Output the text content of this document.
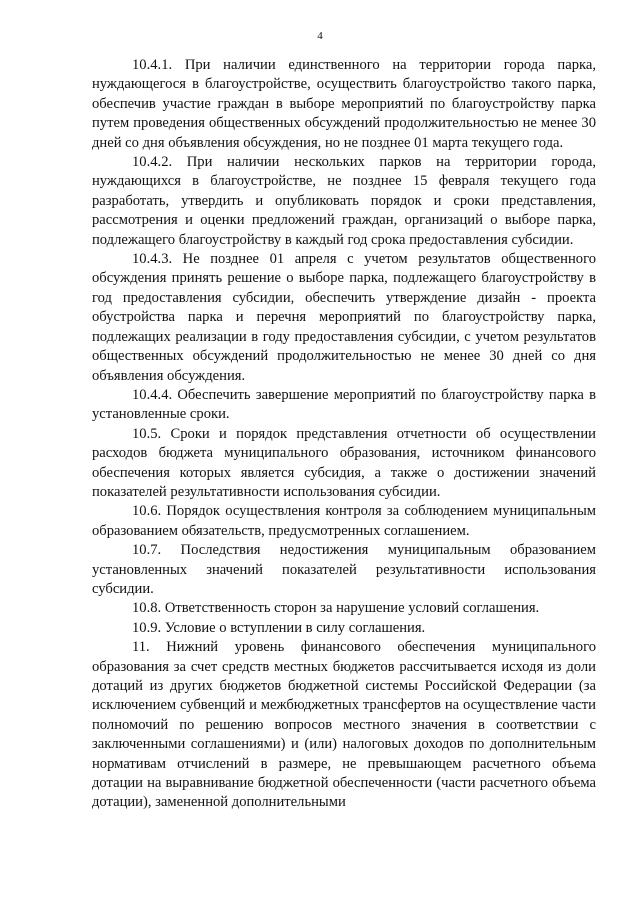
4

10.4.1. При наличии единственного на территории города парка, нуждающегося в благоустройстве, осуществить благоустройство такого парка, обеспечив участие граждан в выборе мероприятий по благоустройству парка путем проведения общественных обсуждений продолжительностью не менее 30 дней со дня объявления обсуждения, но не позднее 01 марта текущего года.

10.4.2. При наличии нескольких парков на территории города, нуждающихся в благоустройстве, не позднее 15 февраля текущего года разработать, утвердить и опубликовать порядок и сроки представления, рассмотрения и оценки предложений граждан, организаций о выборе парка, подлежащего благоустройству в каждый год срока предоставления субсидии.

10.4.3. Не позднее 01 апреля с учетом результатов общественного обсуждения принять решение о выборе парка, подлежащего благоустройству в год предоставления субсидии, обеспечить утверждение дизайн - проекта обустройства парка и перечня мероприятий по благоустройству парка, подлежащих реализации в году предоставления субсидии, с учетом результатов общественных обсуждений продолжительностью не менее 30 дней со дня объявления обсуждения.

10.4.4. Обеспечить завершение мероприятий по благоустройству парка в установленные сроки.

10.5. Сроки и порядок представления отчетности об осуществлении расходов бюджета муниципального образования, источником финансового обеспечения которых является субсидия, а также о достижении значений показателей результативности использования субсидии.

10.6. Порядок осуществления контроля за соблюдением муниципальным образованием обязательств, предусмотренных соглашением.

10.7. Последствия недостижения муниципальным образованием установленных значений показателей результативности использования субсидии.

10.8. Ответственность сторон за нарушение условий соглашения.

10.9. Условие о вступлении в силу соглашения.

11. Нижний уровень финансового обеспечения муниципального образования за счет средств местных бюджетов рассчитывается исходя из доли дотаций из других бюджетов бюджетной системы Российской Федерации (за исключением субвенций и межбюджетных трансфертов на осуществление части полномочий по решению вопросов местного значения в соответствии с заключенными соглашениями) и (или) налоговых доходов по дополнительным нормативам отчислений в размере, не превышающем расчетного объема дотации на выравнивание бюджетной обеспеченности (части расчетного объема дотации), замененной дополнительными
